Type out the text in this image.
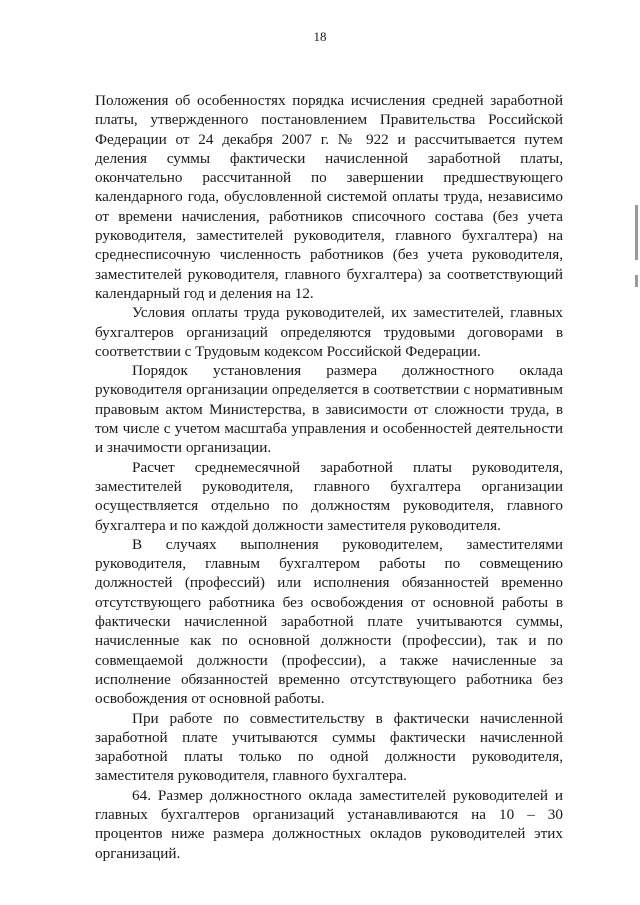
18

Положения об особенностях порядка исчисления средней заработной платы, утвержденного постановлением Правительства Российской Федерации от 24 декабря 2007 г. № 922 и рассчитывается путем деления суммы фактически начисленной заработной платы, окончательно рассчитанной по завершении предшествующего календарного года, обусловленной системой оплаты труда, независимо от времени начисления, работников списочного состава (без учета руководителя, заместителей руководителя, главного бухгалтера) на среднесписочную численность работников (без учета руководителя, заместителей руководителя, главного бухгалтера) за соответствующий календарный год и деления на 12.

Условия оплаты труда руководителей, их заместителей, главных бухгалтеров организаций определяются трудовыми договорами в соответствии с Трудовым кодексом Российской Федерации.

Порядок установления размера должностного оклада руководителя организации определяется в соответствии с нормативным правовым актом Министерства, в зависимости от сложности труда, в том числе с учетом масштаба управления и особенностей деятельности и значимости организации.

Расчет среднемесячной заработной платы руководителя, заместителей руководителя, главного бухгалтера организации осуществляется отдельно по должностям руководителя, главного бухгалтера и по каждой должности заместителя руководителя.

В случаях выполнения руководителем, заместителями руководителя, главным бухгалтером работы по совмещению должностей (профессий) или исполнения обязанностей временно отсутствующего работника без освобождения от основной работы в фактически начисленной заработной плате учитываются суммы, начисленные как по основной должности (профессии), так и по совмещаемой должности (профессии), а также начисленные за исполнение обязанностей временно отсутствующего работника без освобождения от основной работы.

При работе по совместительству в фактически начисленной заработной плате учитываются суммы фактически начисленной заработной платы только по одной должности руководителя, заместителя руководителя, главного бухгалтера.

64. Размер должностного оклада заместителей руководителей и главных бухгалтеров организаций устанавливаются на 10 – 30 процентов ниже размера должностных окладов руководителей этих организаций.
